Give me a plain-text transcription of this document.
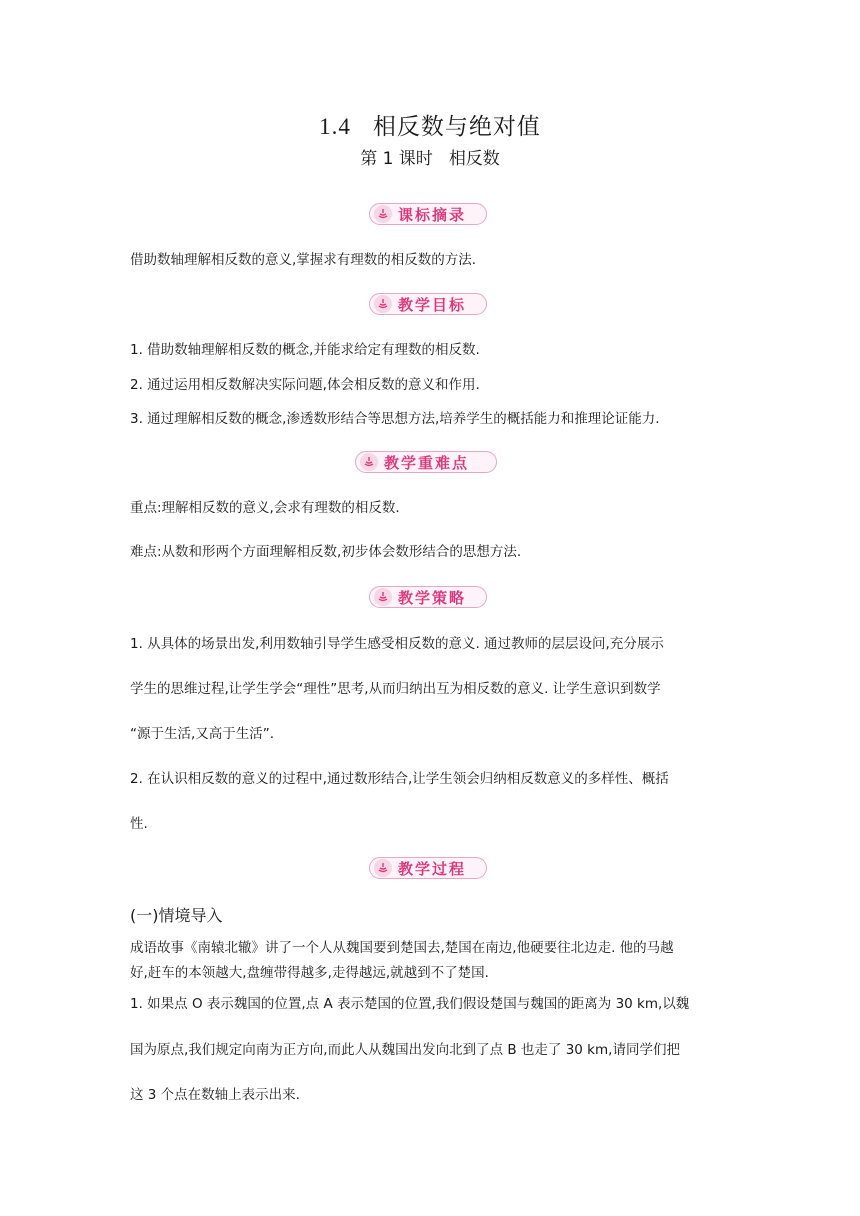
1.4 相反数与绝对值
第 1 课时 相反数
课标摘录
借助数轴理解相反数的意义,掌握求有理数的相反数的方法.
教学目标
1. 借助数轴理解相反数的概念,并能求给定有理数的相反数.
2. 通过运用相反数解决实际问题,体会相反数的意义和作用.
3. 通过理解相反数的概念,渗透数形结合等思想方法,培养学生的概括能力和推理论证能力.
教学重难点
重点:理解相反数的意义,会求有理数的相反数.
难点:从数和形两个方面理解相反数,初步体会数形结合的思想方法.
教学策略
1. 从具体的场景出发,利用数轴引导学生感受相反数的意义. 通过教师的层层设问,充分展示
学生的思维过程,让学生学会“理性”思考,从而归纳出互为相反数的意义. 让学生意识到数学
“源于生活,又高于生活”.
2. 在认识相反数的意义的过程中,通过数形结合,让学生领会归纳相反数意义的多样性、概括
性.
教学过程
(一)情境导入
成语故事《南辕北辙》讲了一个人从魏国要到楚国去,楚国在南边,他硬要往北边走. 他的马越
好,赶车的本领越大,盘缠带得越多,走得越远,就越到不了楚国.
1. 如果点 O 表示魏国的位置,点 A 表示楚国的位置,我们假设楚国与魏国的距离为 30 km,以魏
国为原点,我们规定向南为正方向,而此人从魏国出发向北到了点 B 也走了 30 km,请同学们把
这 3 个点在数轴上表示出来.
